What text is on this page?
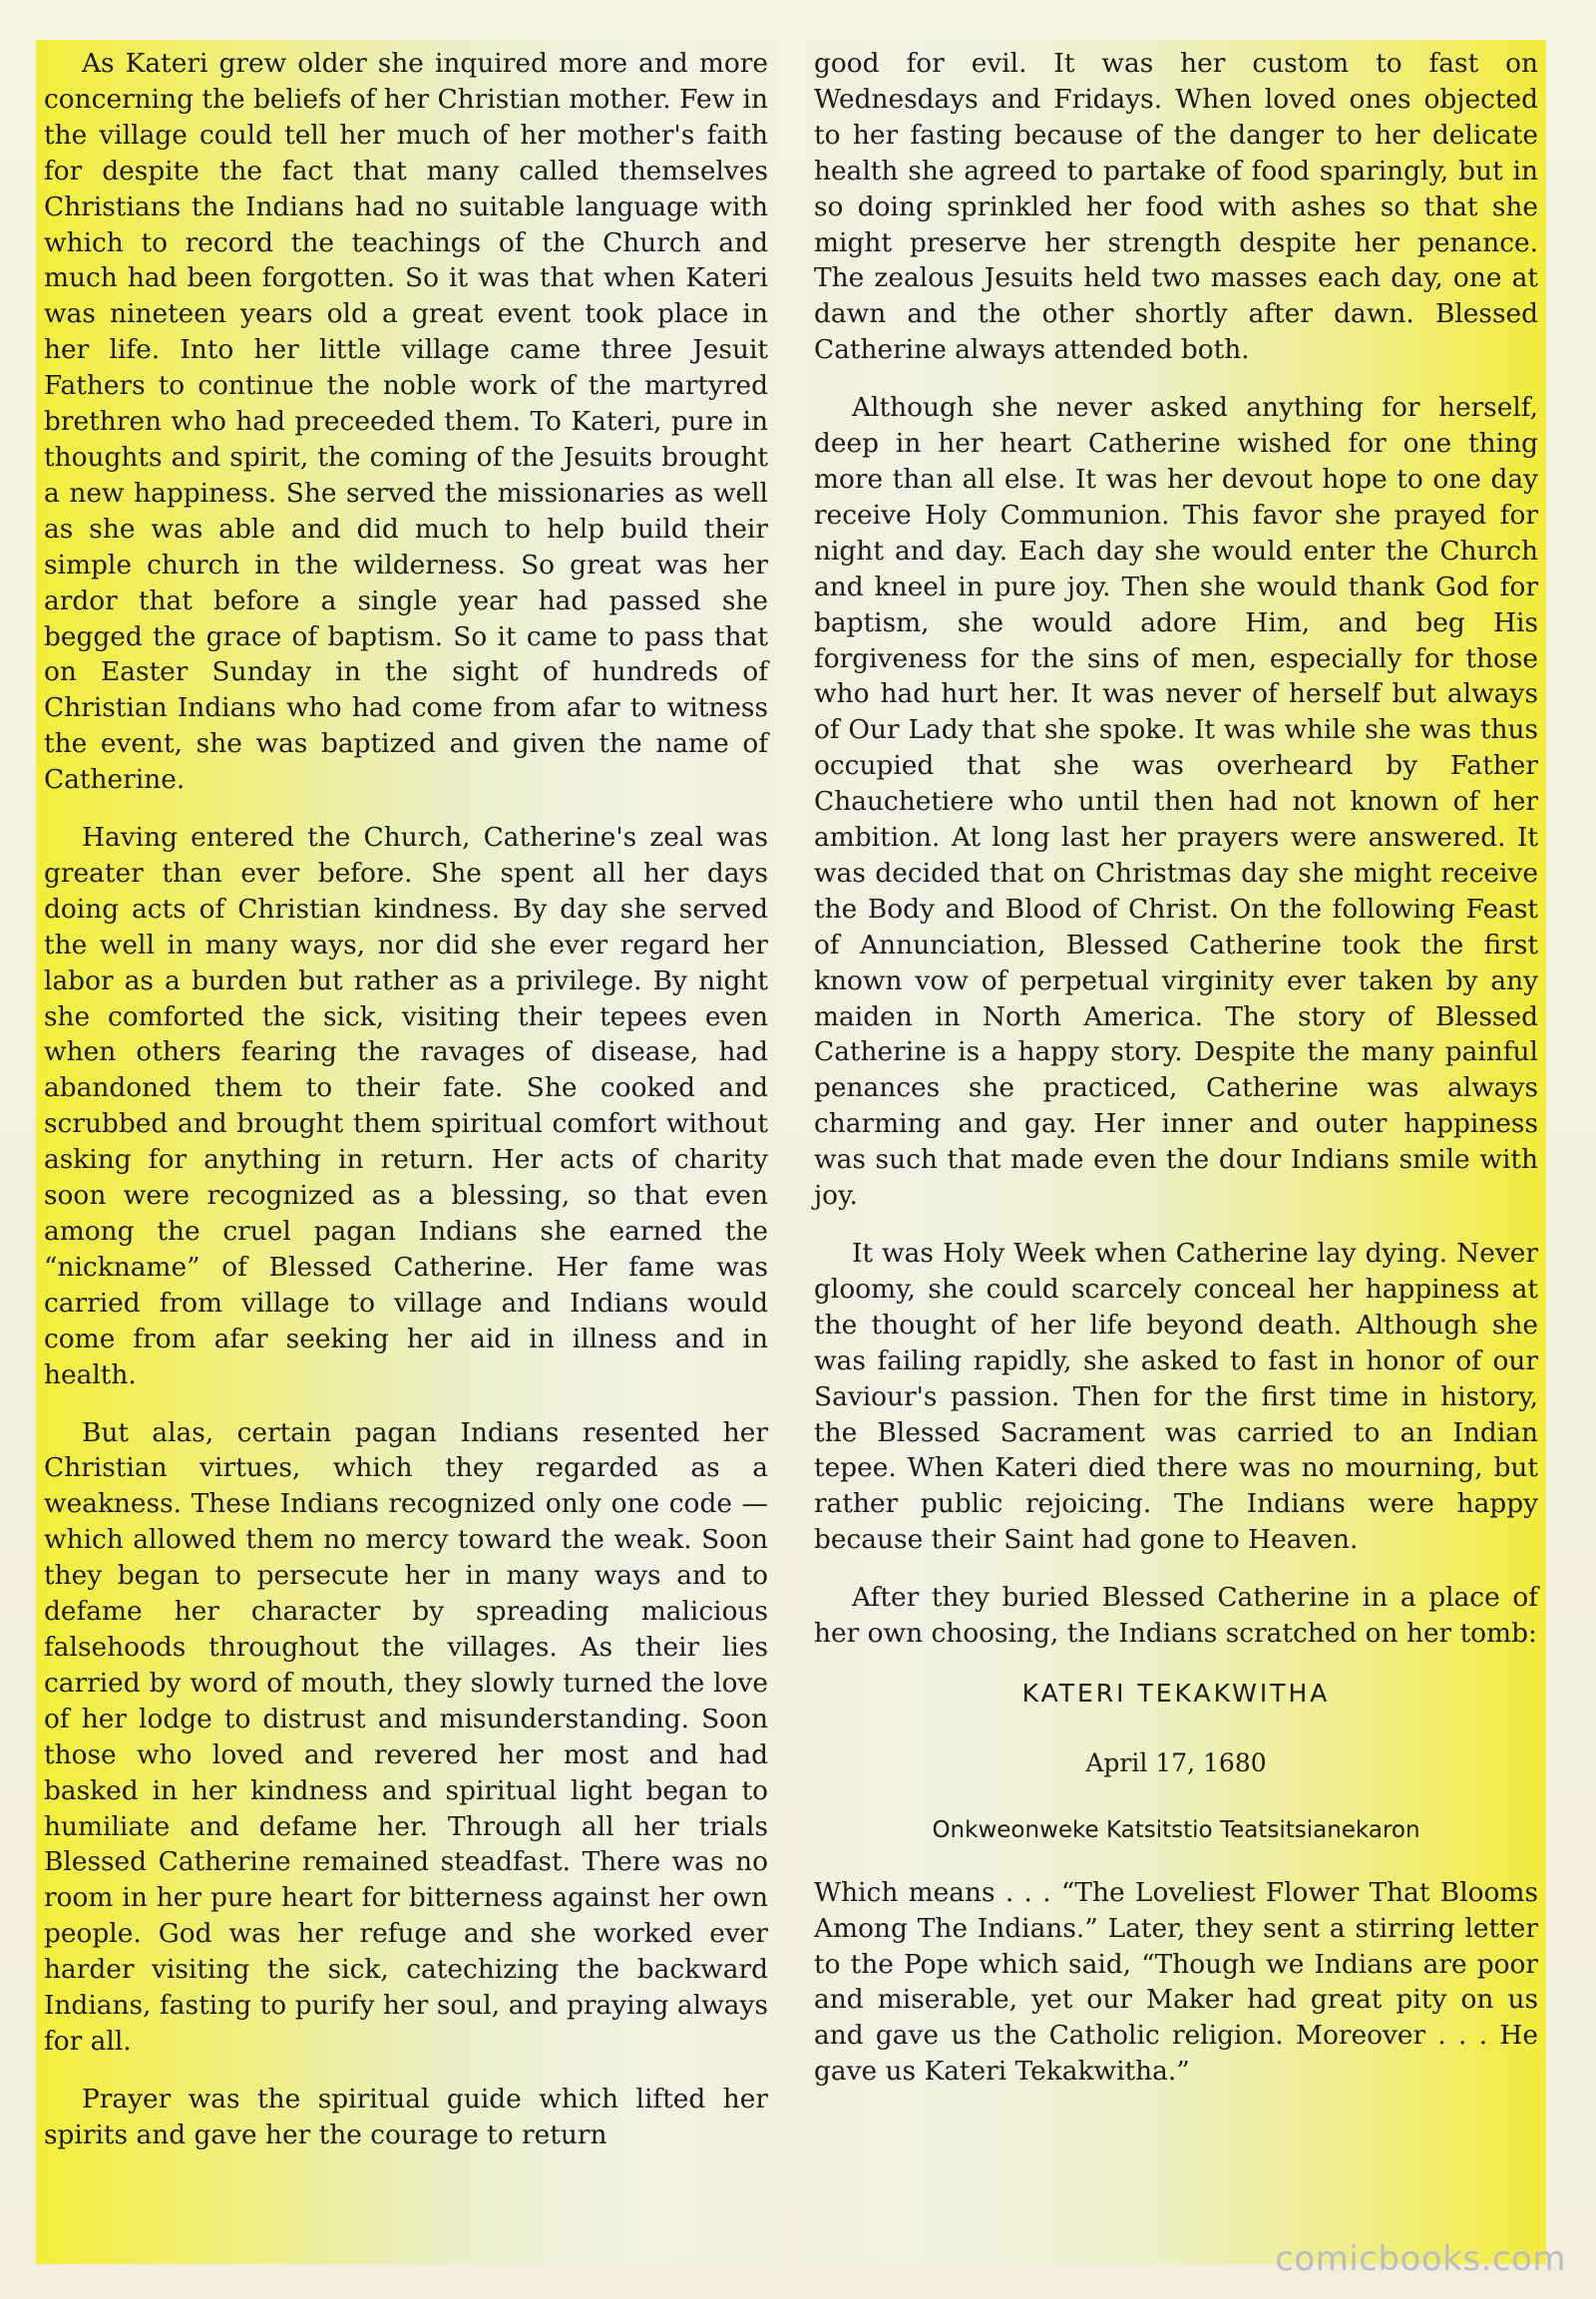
As Kateri grew older she inquired more and more concerning the beliefs of her Christian mother. Few in the village could tell her much of her mother's faith for despite the fact that many called themselves Christians the Indians had no suitable language with which to record the teachings of the Church and much had been forgotten. So it was that when Kateri was nineteen years old a great event took place in her life. Into her little village came three Jesuit Fathers to continue the noble work of the martyred brethren who had preceeded them. To Kateri, pure in thoughts and spirit, the coming of the Jesuits brought a new happiness. She served the missionaries as well as she was able and did much to help build their simple church in the wilderness. So great was her ardor that before a single year had passed she begged the grace of baptism. So it came to pass that on Easter Sunday in the sight of hundreds of Christian Indians who had come from afar to witness the event, she was baptized and given the name of Catherine.

Having entered the Church, Catherine's zeal was greater than ever before. She spent all her days doing acts of Christian kindness. By day she served the well in many ways, nor did she ever regard her labor as a burden but rather as a privilege. By night she comforted the sick, visiting their tepees even when others fearing the ravages of disease, had abandoned them to their fate. She cooked and scrubbed and brought them spiritual comfort without asking for anything in return. Her acts of charity soon were recognized as a blessing, so that even among the cruel pagan Indians she earned the “nickname” of Blessed Catherine. Her fame was carried from village to village and Indians would come from afar seeking her aid in illness and in health.

But alas, certain pagan Indians resented her Christian virtues, which they regarded as a weakness. These Indians recognized only one code —which allowed them no mercy toward the weak. Soon they began to persecute her in many ways and to defame her character by spreading malicious falsehoods throughout the villages. As their lies carried by word of mouth, they slowly turned the love of her lodge to distrust and misunderstanding. Soon those who loved and revered her most and had basked in her kindness and spiritual light began to humiliate and defame her. Through all her trials Blessed Catherine remained steadfast. There was no room in her pure heart for bitterness against her own people. God was her refuge and she worked ever harder visiting the sick, catechizing the backward Indians, fasting to purify her soul, and praying always for all.

Prayer was the spiritual guide which lifted her spirits and gave her the courage to return

good for evil. It was her custom to fast on Wednesdays and Fridays. When loved ones objected to her fasting because of the danger to her delicate health she agreed to partake of food sparingly, but in so doing sprinkled her food with ashes so that she might preserve her strength despite her penance. The zealous Jesuits held two masses each day, one at dawn and the other shortly after dawn. Blessed Catherine always attended both.

Although she never asked anything for herself, deep in her heart Catherine wished for one thing more than all else. It was her devout hope to one day receive Holy Communion. This favor she prayed for night and day. Each day she would enter the Church and kneel in pure joy. Then she would thank God for baptism, she would adore Him, and beg His forgiveness for the sins of men, especially for those who had hurt her. It was never of herself but always of Our Lady that she spoke. It was while she was thus occupied that she was overheard by Father Chauchetiere who until then had not known of her ambition. At long last her prayers were answered. It was decided that on Christmas day she might receive the Body and Blood of Christ. On the following Feast of Annunciation, Blessed Catherine took the first known vow of perpetual virginity ever taken by any maiden in North America. The story of Blessed Catherine is a happy story. Despite the many painful penances she practiced, Catherine was always charming and gay. Her inner and outer happiness was such that made even the dour Indians smile with joy.

It was Holy Week when Catherine lay dying. Never gloomy, she could scarcely conceal her happiness at the thought of her life beyond death. Although she was failing rapidly, she asked to fast in honor of our Saviour's passion. Then for the first time in history, the Blessed Sacrament was carried to an Indian tepee. When Kateri died there was no mourning, but rather public rejoicing. The Indians were happy because their Saint had gone to Heaven.

After they buried Blessed Catherine in a place of her own choosing, the Indians scratched on her tomb:

KATERI TEKAKWITHA
April 17, 1680
Onkweonweke Katsitstio Teatsitsianekaron

Which means . . . “The Loveliest Flower That Blooms Among The Indians.” Later, they sent a stirring letter to the Pope which said, “Though we Indians are poor and miserable, yet our Maker had great pity on us and gave us the Catholic religion. Moreover . . . He gave us Kateri Tekakwitha.”

comicbooks.com
